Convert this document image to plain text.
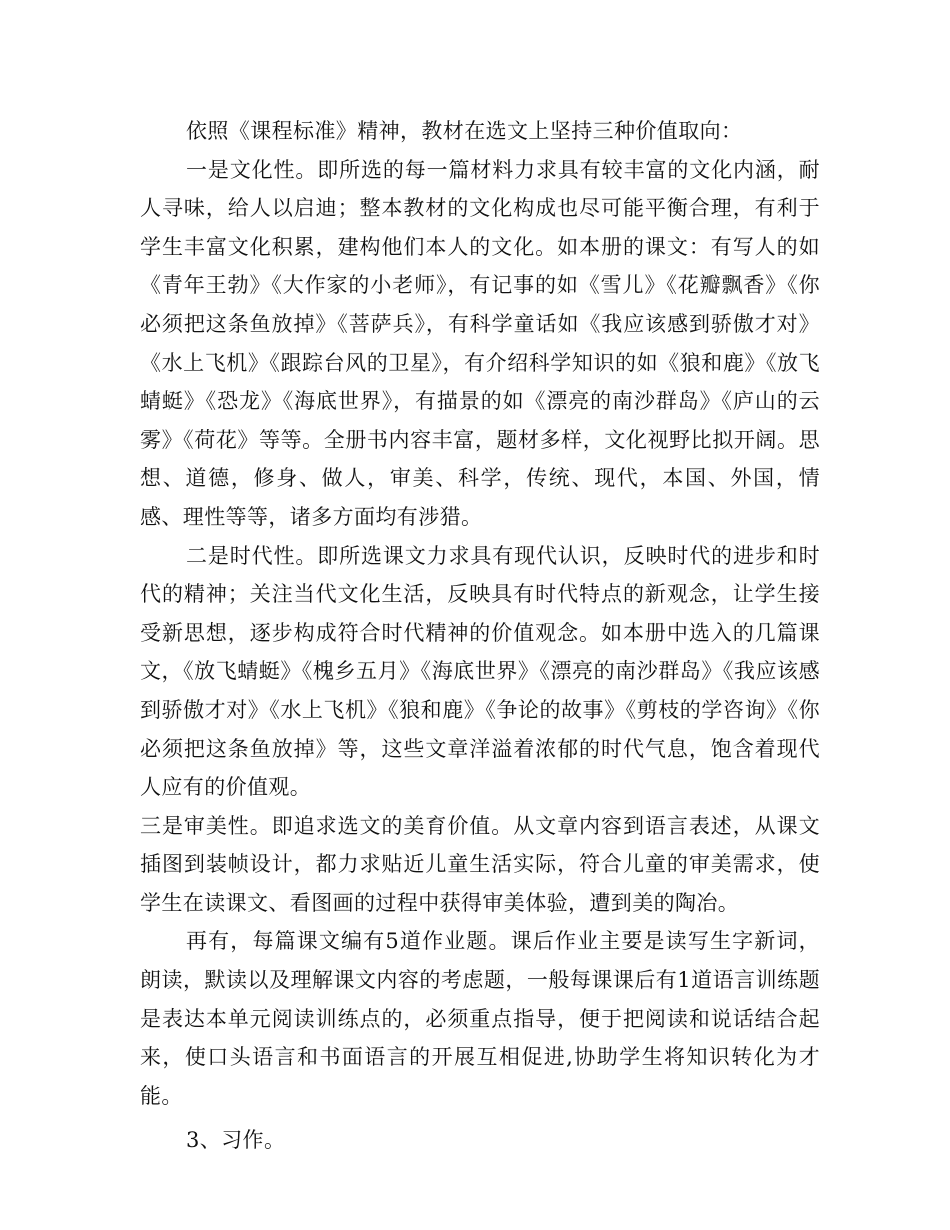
依照《课程标准》精神，教材在选文上坚持三种价值取向：

一是文化性。即所选的每一篇材料力求具有较丰富的文化内涵，耐人寻味，给人以启迪；整本教材的文化构成也尽可能平衡合理，有利于学生丰富文化积累，建构他们本人的文化。如本册的课文：有写人的如《青年王勃》《大作家的小老师》，有记事的如《雪儿》《花瓣飘香》《你必须把这条鱼放掉》《菩萨兵》，有科学童话如《我应该感到骄傲才对》《水上飞机》《跟踪台风的卫星》，有介绍科学知识的如《狼和鹿》《放飞蜻蜓》《恐龙》《海底世界》，有描景的如《漂亮的南沙群岛》《庐山的云雾》《荷花》等等。全册书内容丰富，题材多样，文化视野比拟开阔。思想、道德，修身、做人，审美、科学，传统、现代，本国、外国，情感、理性等等，诸多方面均有涉猎。

二是时代性。即所选课文力求具有现代认识，反映时代的进步和时代的精神；关注当代文化生活，反映具有时代特点的新观念，让学生接受新思想，逐步构成符合时代精神的价值观念。如本册中选入的几篇课文，《放飞蜻蜓》《槐乡五月》《海底世界》《漂亮的南沙群岛》《我应该感到骄傲才对》《水上飞机》《狼和鹿》《争论的故事》《剪枝的学咨询》《你必须把这条鱼放掉》等，这些文章洋溢着浓郁的时代气息，饱含着现代人应有的价值观。

三是审美性。即追求选文的美育价值。从文章内容到语言表述，从课文插图到装帧设计，都力求贴近儿童生活实际，符合儿童的审美需求，使学生在读课文、看图画的过程中获得审美体验，遭到美的陶冶。

再有，每篇课文编有5道作业题。课后作业主要是读写生字新词，朗读，默读以及理解课文内容的考虑题，一般每课课后有1道语言训练题是表达本单元阅读训练点的，必须重点指导，便于把阅读和说话结合起来，使口头语言和书面语言的开展互相促进,协助学生将知识转化为才能。

3、习作。
